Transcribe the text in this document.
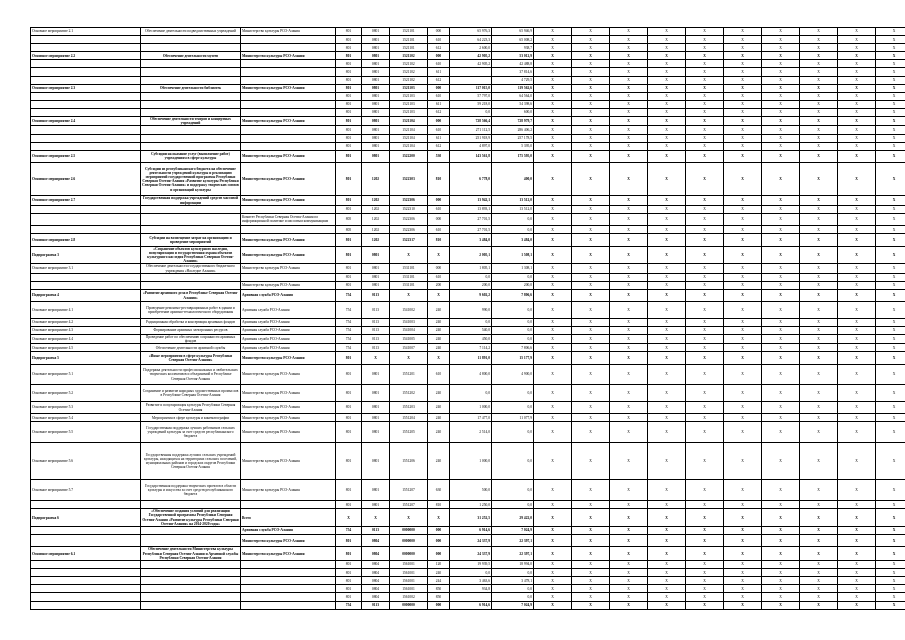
Основное мероприятие 2.1	Обеспечение деятельности подведомственных учреждений	Министерство культуры РСО-Алания	801	0801	1521101	000	65 976,3	65 946,9	Х	Х	Х	Х	Х	Х	Х	Х	Х	Х
			801	0801	1521101	610	64 223,3	65 008,2	Х	Х	Х	Х	Х	Х	Х	Х	Х	Х
			801	0801	1521101	612	2 600,0	938,7	Х	Х	Х	Х	Х	Х	Х	Х	Х	Х
Основное мероприятие 2.2	Обеспечение деятельности музеев	Министерство культуры РСО-Алания	801	0801	1521102	000	42 905,2	53 012,9	Х	Х	Х	Х	Х	Х	Х	Х	Х	Х
			801	0801	1521102	610	42 905,2	42 488,8	Х	Х	Х	Х	Х	Х	Х	Х	Х	Х
			801	0801	1521102	611		37 814,6	Х	Х	Х	Х	Х	Х	Х	Х	Х	Х
			801	0801	1521102	612		4 729,5	Х	Х	Х	Х	Х	Х	Х	Х	Х	Х
Основное мероприятие 2.3	Обеспечение деятельности библиотек	Министерство культуры РСО-Алания	801	0801	1521103	000	117 015,0	119 562,6	Х	Х	Х	Х	Х	Х	Х	Х	Х	Х
			801	0801	1521103	610	57 797,0	64 564,0	Х	Х	Х	Х	Х	Х	Х	Х	Х	Х
			801	0801	1521103	611	59 218,0	54 398,6	Х	Х	Х	Х	Х	Х	Х	Х	Х	Х
			801	0801	1521103	612	0,0	600,0	Х	Х	Х	Х	Х	Х	Х	Х	Х	Х
Основное мероприятие 2.4	Обеспечение деятельности театров и концертных учреждений	Министерство культуры РСО-Алания	801	0801	1521104	000	728 566,4	728 979,7	Х	Х	Х	Х	Х	Х	Х	Х	Х	Х
			801	0801	1521104	610	271 112,5	286 406,2	Х	Х	Х	Х	Х	Х	Х	Х	Х	Х
			801	0801	1521104	611	251 918,9	257 178,5	Х	Х	Х	Х	Х	Х	Х	Х	Х	Х
			801	0801	1521104	612	4 897,0	5 395,0	Х	Х	Х	Х	Х	Х	Х	Х	Х	Х
Основное мероприятие 2.5	Субсидии на оказание услуг (выполнение работ) учреждениям в сфере культуры	Министерство культуры РСО-Алания	801	0801	1522200	530	143 561,8	175 595,0	Х	Х	Х	Х	Х	Х	Х	Х	Х	Х
Основное мероприятие 2.6	Субсидии из республиканского бюджета на обеспечение деятельности учреждений культуры и реализацию мероприятий государственной программы Республики Северная Осетия-Алания «Развитие культуры Республики Северная Осетия-Алания» и поддержку творческих союзов и организаций культуры	Министерство культуры РСО-Алания	801	1202	1522303	810	6 778,0	400,0	Х	Х	Х	Х	Х	Х	Х	Х	Х	Х
Основное мероприятие 2.7	Государственная поддержка учреждений средств массовой информации	Министерство культуры РСО-Алания	801	1202	1522306	000	13 942,1	13 512,0	Х	Х	Х	Х	Х	Х	Х	Х	Х	Х
			801	1202	1522310	610	13 893,1	13 512,0	Х	Х	Х	Х	Х	Х	Х	Х	Х	Х
		Комитет Республики Северная Осетия-Алания по информационной политике и массовым коммуникациям	805	1202	1522306	000	27 701,5	0,0	Х	Х	Х	Х	Х	Х	Х	Х	Х	Х
			805	1202	1522306	610	27 701,5	0,0	Х	Х	Х	Х	Х	Х	Х	Х	Х	Х
Основное мероприятие 2.8	Субсидии на возмещение затрат на организацию и проведение мероприятий	Министерство культуры РСО-Алания	801	1202	1522317	810	3 484,0	3 484,0	Х	Х	Х	Х	Х	Х	Х	Х	Х	Х
Подпрограмма 3	«Сохранение объектов культурного наследия, популяризация и государственная охрана объектов культурного наследия Республики Северная Осетия-Алания»	Министерство культуры РСО-Алания	801	0801	Х	Х	2 005,1	1 508,1	Х	Х	Х	Х	Х	Х	Х	Х	Х	Х
Основное мероприятие 3.1	Обеспечение деятельности государственного бюджетного учреждения «Наследие Алании»	Министерство культуры РСО-Алания	801	0801	1531101	000	1 805,1	1 308,1	Х	Х	Х	Х	Х	Х	Х	Х	Х	Х
			801	0801	1531101	610	0,0	0,0	Х	Х	Х	Х	Х	Х	Х	Х	Х	Х
		Министерство культуры РСО-Алания	801	0801	1531101	200	200,0	200,0	Х	Х	Х	Х	Х	Х	Х	Х	Х	Х
Подпрограмма 4	«Развитие архивного дела в Республике Северная Осетия-Алания»	Архивная служба РСО-Алания	754	0113	Х	Х	9 602,2	7 806,6	Х	Х	Х	Х	Х	Х	Х	Х	Х	Х
Основное мероприятие 4.1	Проведение ремонтно-реставрационных работ в здании и приобретение архивно-технологического оборудования	Архивная служба РСО-Алания	754	0113	1541002	240	990,0	0,0	Х	Х	Х	Х	Х	Х	Х	Х	Х	Х
Основное мероприятие 4.2	Радиационная обработка и консервация архивных фондов	Архивная служба РСО-Алания	754	0113	1541003	240	0,0	0,0	Х	Х	Х	Х	Х	Х	Х	Х	Х	Х
Основное мероприятие 4.3	Формирование архивных электронных ресурсов	Архивная служба РСО-Алания	754	0113	1541004	240	540,0	0,0	Х	Х	Х	Х	Х	Х	Х	Х	Х	Х
Основное мероприятие 4.4	Проведение работ по обеспечению сохранности архивных фондов	Архивная служба РСО-Алания	754	0113	1541005	240	450,0	0,0	Х	Х	Х	Х	Х	Х	Х	Х	Х	Х
Основное мероприятие 4.5	Обеспечение деятельности архивной службы	Архивная служба РСО-Алания	754	0113	1541007	240	7 114,2	7 806,6	Х	Х	Х	Х	Х	Х	Х	Х	Х	Х
Подпрограмма 5	«Иные мероприятия в сфере культуры Республики Северная Осетия-Алания»	Министерство культуры РСО-Алания	801	Х	Х	Х	11 891,0	15 177,9	Х	Х	Х	Х	Х	Х	Х	Х	Х	Х
Основное мероприятие 5.1	Поддержка деятельности профессиональных и любительских творческих коллективов и объединений в Республике Северная Осетия-Алания	Министерство культуры РСО-Алания	801	0801	1551201	610	4 800,0	4 900,0	Х	Х	Х	Х	Х	Х	Х	Х	Х	Х
Основное мероприятие 5.2	Сохранение и развитие народных художественных промыслов в Республике Северная Осетия-Алания	Министерство культуры РСО-Алания	801	0801	1551202	240	0,0	0,0	Х	Х	Х	Х	Х	Х	Х	Х	Х	Х
Основное мероприятие 5.3	Развитие и популяризация культуры Республики Северная Осетия-Алания	Министерство культуры РСО-Алания	801	0801	1551203	240	1 000,0	0,0	Х	Х	Х	Х	Х	Х	Х	Х	Х	Х
Основное мероприятие 5.4	Мероприятия в сфере культуры и кинематографии	Министерство культуры РСО-Алания	801	0801	1551204	240	17 477,0	11 077,9	Х	Х	Х	Х	Х	Х	Х	Х	Х	Х
Основное мероприятие 5.5	Государственная поддержка лучших работников сельских учреждений культуры за счет средств республиканского бюджета	Министерство культуры РСО-Алания	801	0801	1551205	240	2 514,0	0,0	Х	Х	Х	Х	Х	Х	Х	Х	Х	Х
Основное мероприятие 5.6	Государственная поддержка лучших сельских учреждений культуры, находящихся на территориях сельских поселений, муниципальных районов и городских округов Республики Северная Осетия-Алания	Министерство культуры РСО-Алания	801	0801	1551206	240	1 000,0	0,0	Х	Х	Х	Х	Х	Х	Х	Х	Х	Х
Основное мероприятие 5.7	Государственная поддержка творческих проектов в области культуры и искусства за счет средств республиканского бюджета	Министерство культуры РСО-Алания	801	0801	1551207	630	500,0	0,0	Х	Х	Х	Х	Х	Х	Х	Х	Х	Х
			801	0801	1551207	810	1 250,0	0,0	Х	Х	Х	Х	Х	Х	Х	Х	Х	Х
Подпрограмма 6	«Обеспечение создания условий для реализации Государственной программы Республики Северная Осетия-Алания «Развитие культуры Республики Северная Осетия-Алания» на 2014-2020 годы»	Всего	Х	Х	Х	Х	31 252,5	29 422,0	Х	Х	Х	Х	Х	Х	Х	Х	Х	Х
		Архивная служба РСО-Алания	754	0113	0000000	000	6 914,6	7 024,9	Х	Х	Х	Х	Х	Х	Х	Х	Х	Х
		Министерство культуры РСО-Алания	801	0804	0000000	000	24 337,9	22 397,1	Х	Х	Х	Х	Х	Х	Х	Х	Х	Х
Основное мероприятие 6.1	Обеспечение деятельности Министерства культуры Республики Северная Осетия-Алания и Архивной службы Республики Северная Осетия-Алания	Министерство культуры РСО-Алания	801	0804	0000000	000	24 337,9	22 397,1	Х	Х	Х	Х	Х	Х	Х	Х	Х	Х
			801	0804	1561001	120	19 939,5	18 994,0	Х	Х	Х	Х	Х	Х	Х	Х	Х	Х
			801	0804	1561001	240	0,0	0,0	Х	Х	Х	Х	Х	Х	Х	Х	Х	Х
			801	0804	1561001	244	3 463,6	3 478,1	Х	Х	Х	Х	Х	Х	Х	Х	Х	Х
			801	0804	1561001	850	934,8	0,0	Х	Х	Х	Х	Х	Х	Х	Х	Х	Х
			801	0804	1561002	850		0,0	Х	Х	Х	Х	Х	Х	Х	Х	Х	Х
			754	0113	0000000	000	6 914,6	7 024,9	Х	Х	Х	Х	Х	Х	Х	Х	Х	Х
